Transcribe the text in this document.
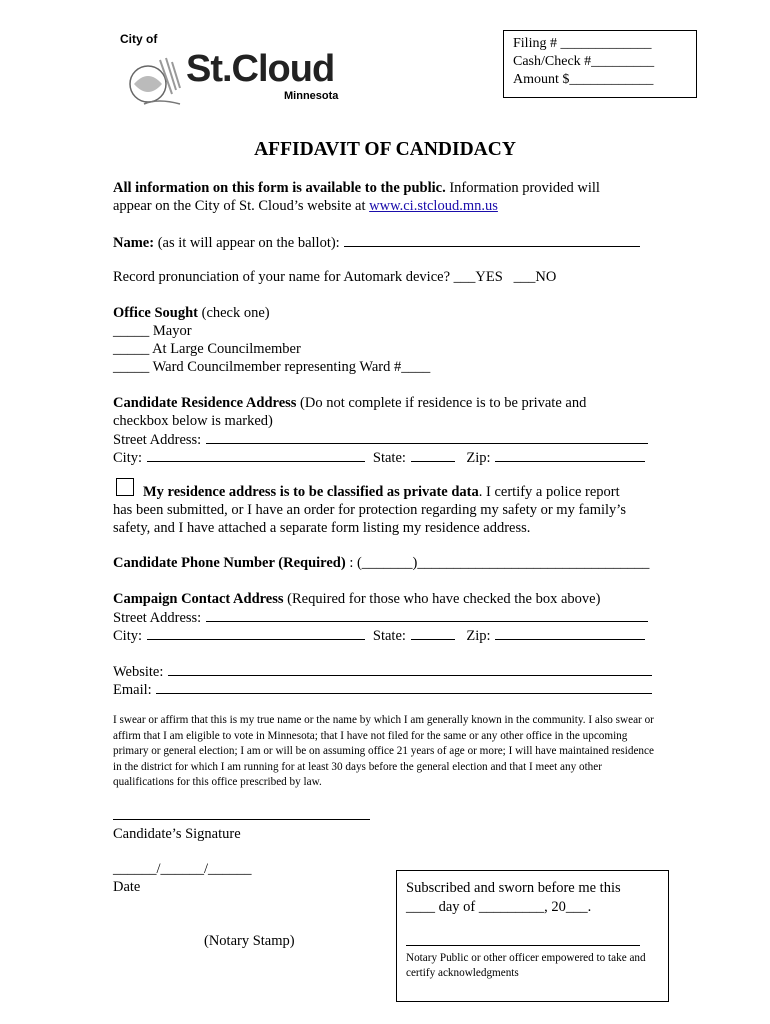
City of
St.Cloud
Minnesota
Filing # _____________
Cash/Check #_________
Amount $____________
AFFIDAVIT OF CANDIDACY
All information on this form is available to the public. Information provided will
appear on the City of St. Cloud’s website at www.ci.stcloud.mn.us
Name: (as it will appear on the ballot):
Record pronunciation of your name for Automark device? ___YES ___NO
Office Sought (check one)
_____ Mayor
_____ At Large Councilmember
_____ Ward Councilmember representing Ward #____
Candidate Residence Address (Do not complete if residence is to be private and
checkbox below is marked)
Street Address:
City:	State:	Zip:
My residence address is to be classified as private data. I certify a police report
has been submitted, or I have an order for protection regarding my safety or my family’s
safety, and I have attached a separate form listing my residence address.
Candidate Phone Number (Required) : (_______)________________________________
Campaign Contact Address (Required for those who have checked the box above)
Street Address:
City:	State:	Zip:
Website:
Email:
I swear or affirm that this is my true name or the name by which I am generally known in the community. I also swear or affirm that I am eligible to vote in Minnesota; that I have not filed for the same or any other office in the upcoming primary or general election; I am or will be on assuming office 21 years of age or more; I will have maintained residence in the district for which I am running for at least 30 days before the general election and that I meet any other qualifications for this office prescribed by law.
Candidate’s Signature
______/______/______
Date
(Notary Stamp)
Subscribed and sworn before me this
____ day of _________, 20___.
Notary Public or other officer empowered to take and certify acknowledgments
